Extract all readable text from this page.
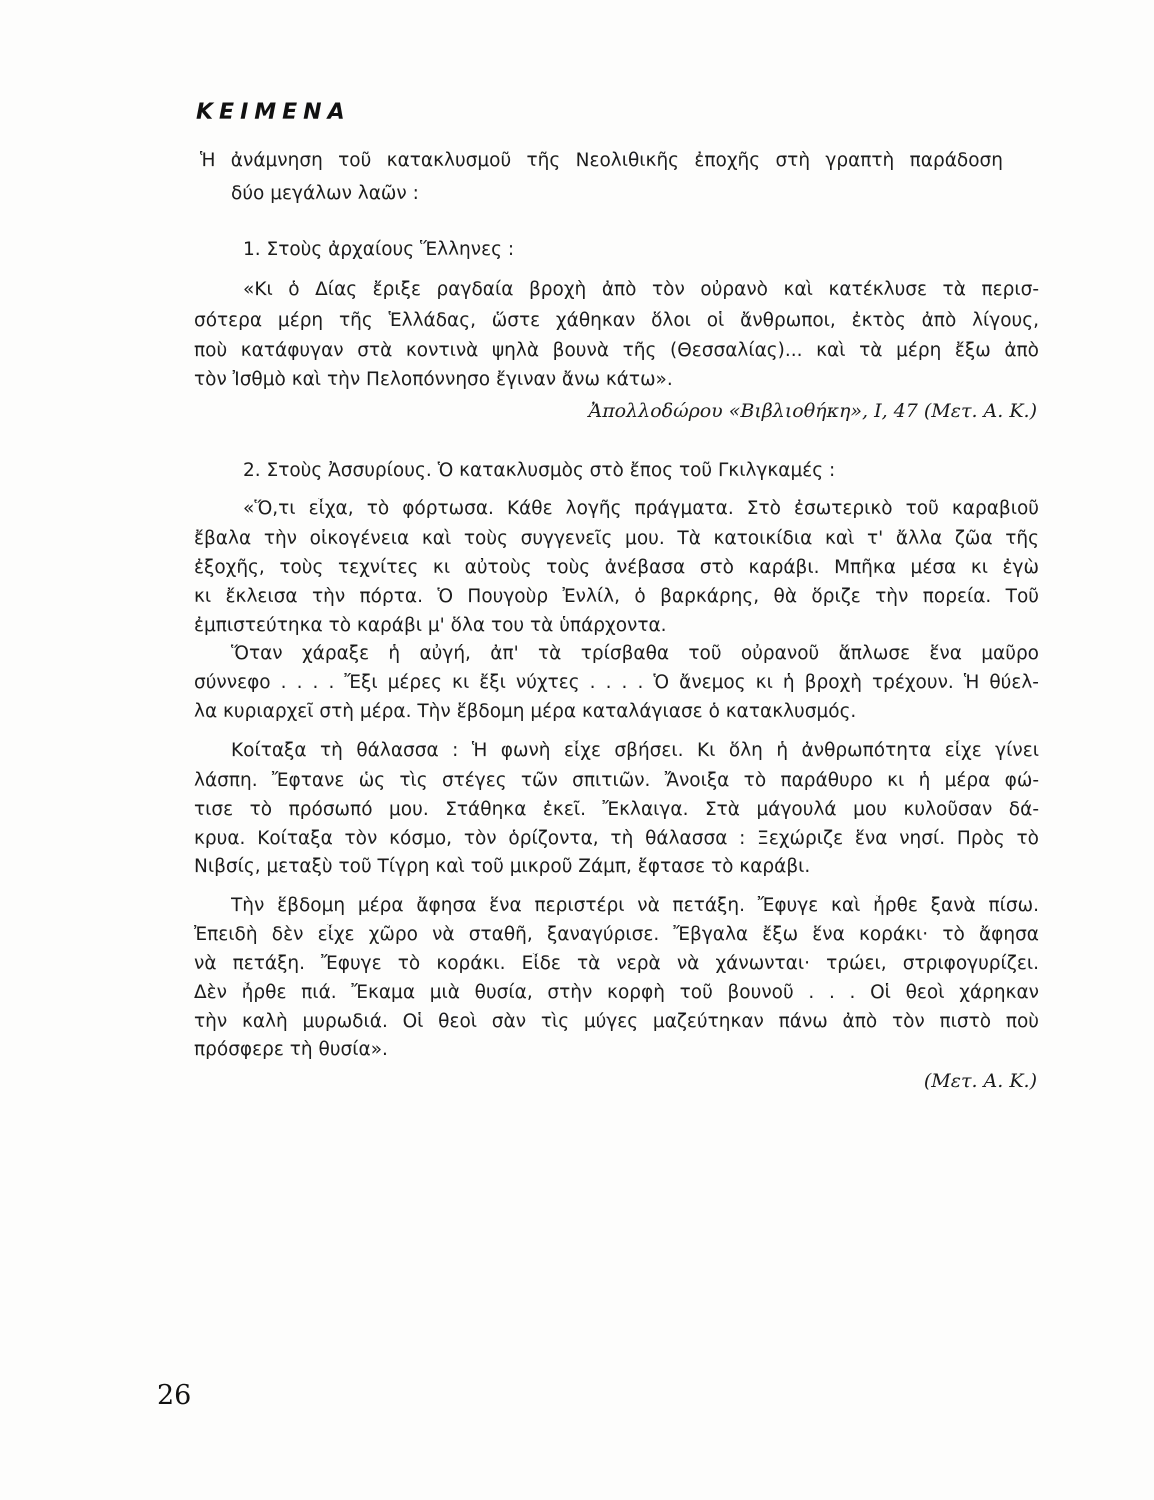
ΚΕΙΜΕΝΑ
Ἡ ἀνάμνηση τοῦ κατακλυσμοῦ τῆς Νεολιθικῆς ἐποχῆς στὴ γραπτὴ παράδοση
δύο μεγάλων λαῶν :
1. Στοὺς ἀρχαίους Ἕλληνες :
«Κι ὁ Δίας ἔριξε ραγδαία βροχὴ ἀπὸ τὸν οὐρανὸ καὶ κατέκλυσε τὰ περισ-
σότερα μέρη τῆς Ἑλλάδας, ὥστε χάθηκαν ὅλοι οἱ ἄνθρωποι, ἐκτὸς ἀπὸ λίγους,
ποὺ κατάφυγαν στὰ κοντινὰ ψηλὰ βουνὰ τῆς (Θεσσαλίας)... καὶ τὰ μέρη ἔξω ἀπὸ
τὸν Ἰσθμὸ καὶ τὴν Πελοπόννησο ἔγιναν ἄνω κάτω».
Ἀπολλοδώρου «Βιβλιοθήκη», Ι, 47 (Μετ. Α. Κ.)
2. Στοὺς Ἀσσυρίους. Ὁ κατακλυσμὸς στὸ ἔπος τοῦ Γκιλγκαμές :
«Ὅ,τι εἶχα, τὸ φόρτωσα. Κάθε λογῆς πράγματα. Στὸ ἐσωτερικὸ τοῦ καραβιοῦ
ἔβαλα τὴν οἰκογένεια καὶ τοὺς συγγενεῖς μου. Τὰ κατοικίδια καὶ τ' ἄλλα ζῶα τῆς
ἐξοχῆς, τοὺς τεχνίτες κι αὐτοὺς τοὺς ἀνέβασα στὸ καράβι. Μπῆκα μέσα κι ἐγὼ
κι ἔκλεισα τὴν πόρτα. Ὁ Πουγοὺρ Ἐνλίλ, ὁ βαρκάρης, θὰ ὅριζε τὴν πορεία. Τοῦ
ἐμπιστεύτηκα τὸ καράβι μ' ὅλα του τὰ ὑπάρχοντα.
Ὅταν χάραξε ἡ αὐγή, ἀπ' τὰ τρίσβαθα τοῦ οὐρανοῦ ἅπλωσε ἕνα μαῦρο
σύννεφο . . . . Ἔξι μέρες κι ἔξι νύχτες . . . . Ὁ ἄνεμος κι ἡ βροχὴ τρέχουν. Ἡ θύελ-
λα κυριαρχεῖ στὴ μέρα. Τὴν ἕβδομη μέρα καταλάγιασε ὁ κατακλυσμός.
Κοίταξα τὴ θάλασσα : Ἡ φωνὴ εἶχε σβήσει. Κι ὅλη ἡ ἀνθρωπότητα εἶχε γίνει
λάσπη. Ἔφτανε ὡς τὶς στέγες τῶν σπιτιῶν. Ἄνοιξα τὸ παράθυρο κι ἡ μέρα φώ-
τισε τὸ πρόσωπό μου. Στάθηκα ἐκεῖ. Ἔκλαιγα. Στὰ μάγουλά μου κυλοῦσαν δά-
κρυα. Κοίταξα τὸν κόσμο, τὸν ὁρίζοντα, τὴ θάλασσα : Ξεχώριζε ἕνα νησί. Πρὸς τὸ
Νιβσίς, μεταξὺ τοῦ Τίγρη καὶ τοῦ μικροῦ Ζάμπ, ἔφτασε τὸ καράβι.
Τὴν ἕβδομη μέρα ἄφησα ἕνα περιστέρι νὰ πετάξη. Ἔφυγε καὶ ἦρθε ξανὰ πίσω.
Ἐπειδὴ δὲν εἶχε χῶρο νὰ σταθῆ, ξαναγύρισε. Ἔβγαλα ἔξω ἕνα κοράκι· τὸ ἄφησα
νὰ πετάξη. Ἔφυγε τὸ κοράκι. Εἶδε τὰ νερὰ νὰ χάνωνται· τρώει, στριφογυρίζει.
Δὲν ἦρθε πιά. Ἔκαμα μιὰ θυσία, στὴν κορφὴ τοῦ βουνοῦ . . . Οἱ θεοὶ χάρηκαν
τὴν καλὴ μυρωδιά. Οἱ θεοὶ σὰν τὶς μύγες μαζεύτηκαν πάνω ἀπὸ τὸν πιστὸ ποὺ
πρόσφερε τὴ θυσία».
(Μετ. Α. Κ.)
26
